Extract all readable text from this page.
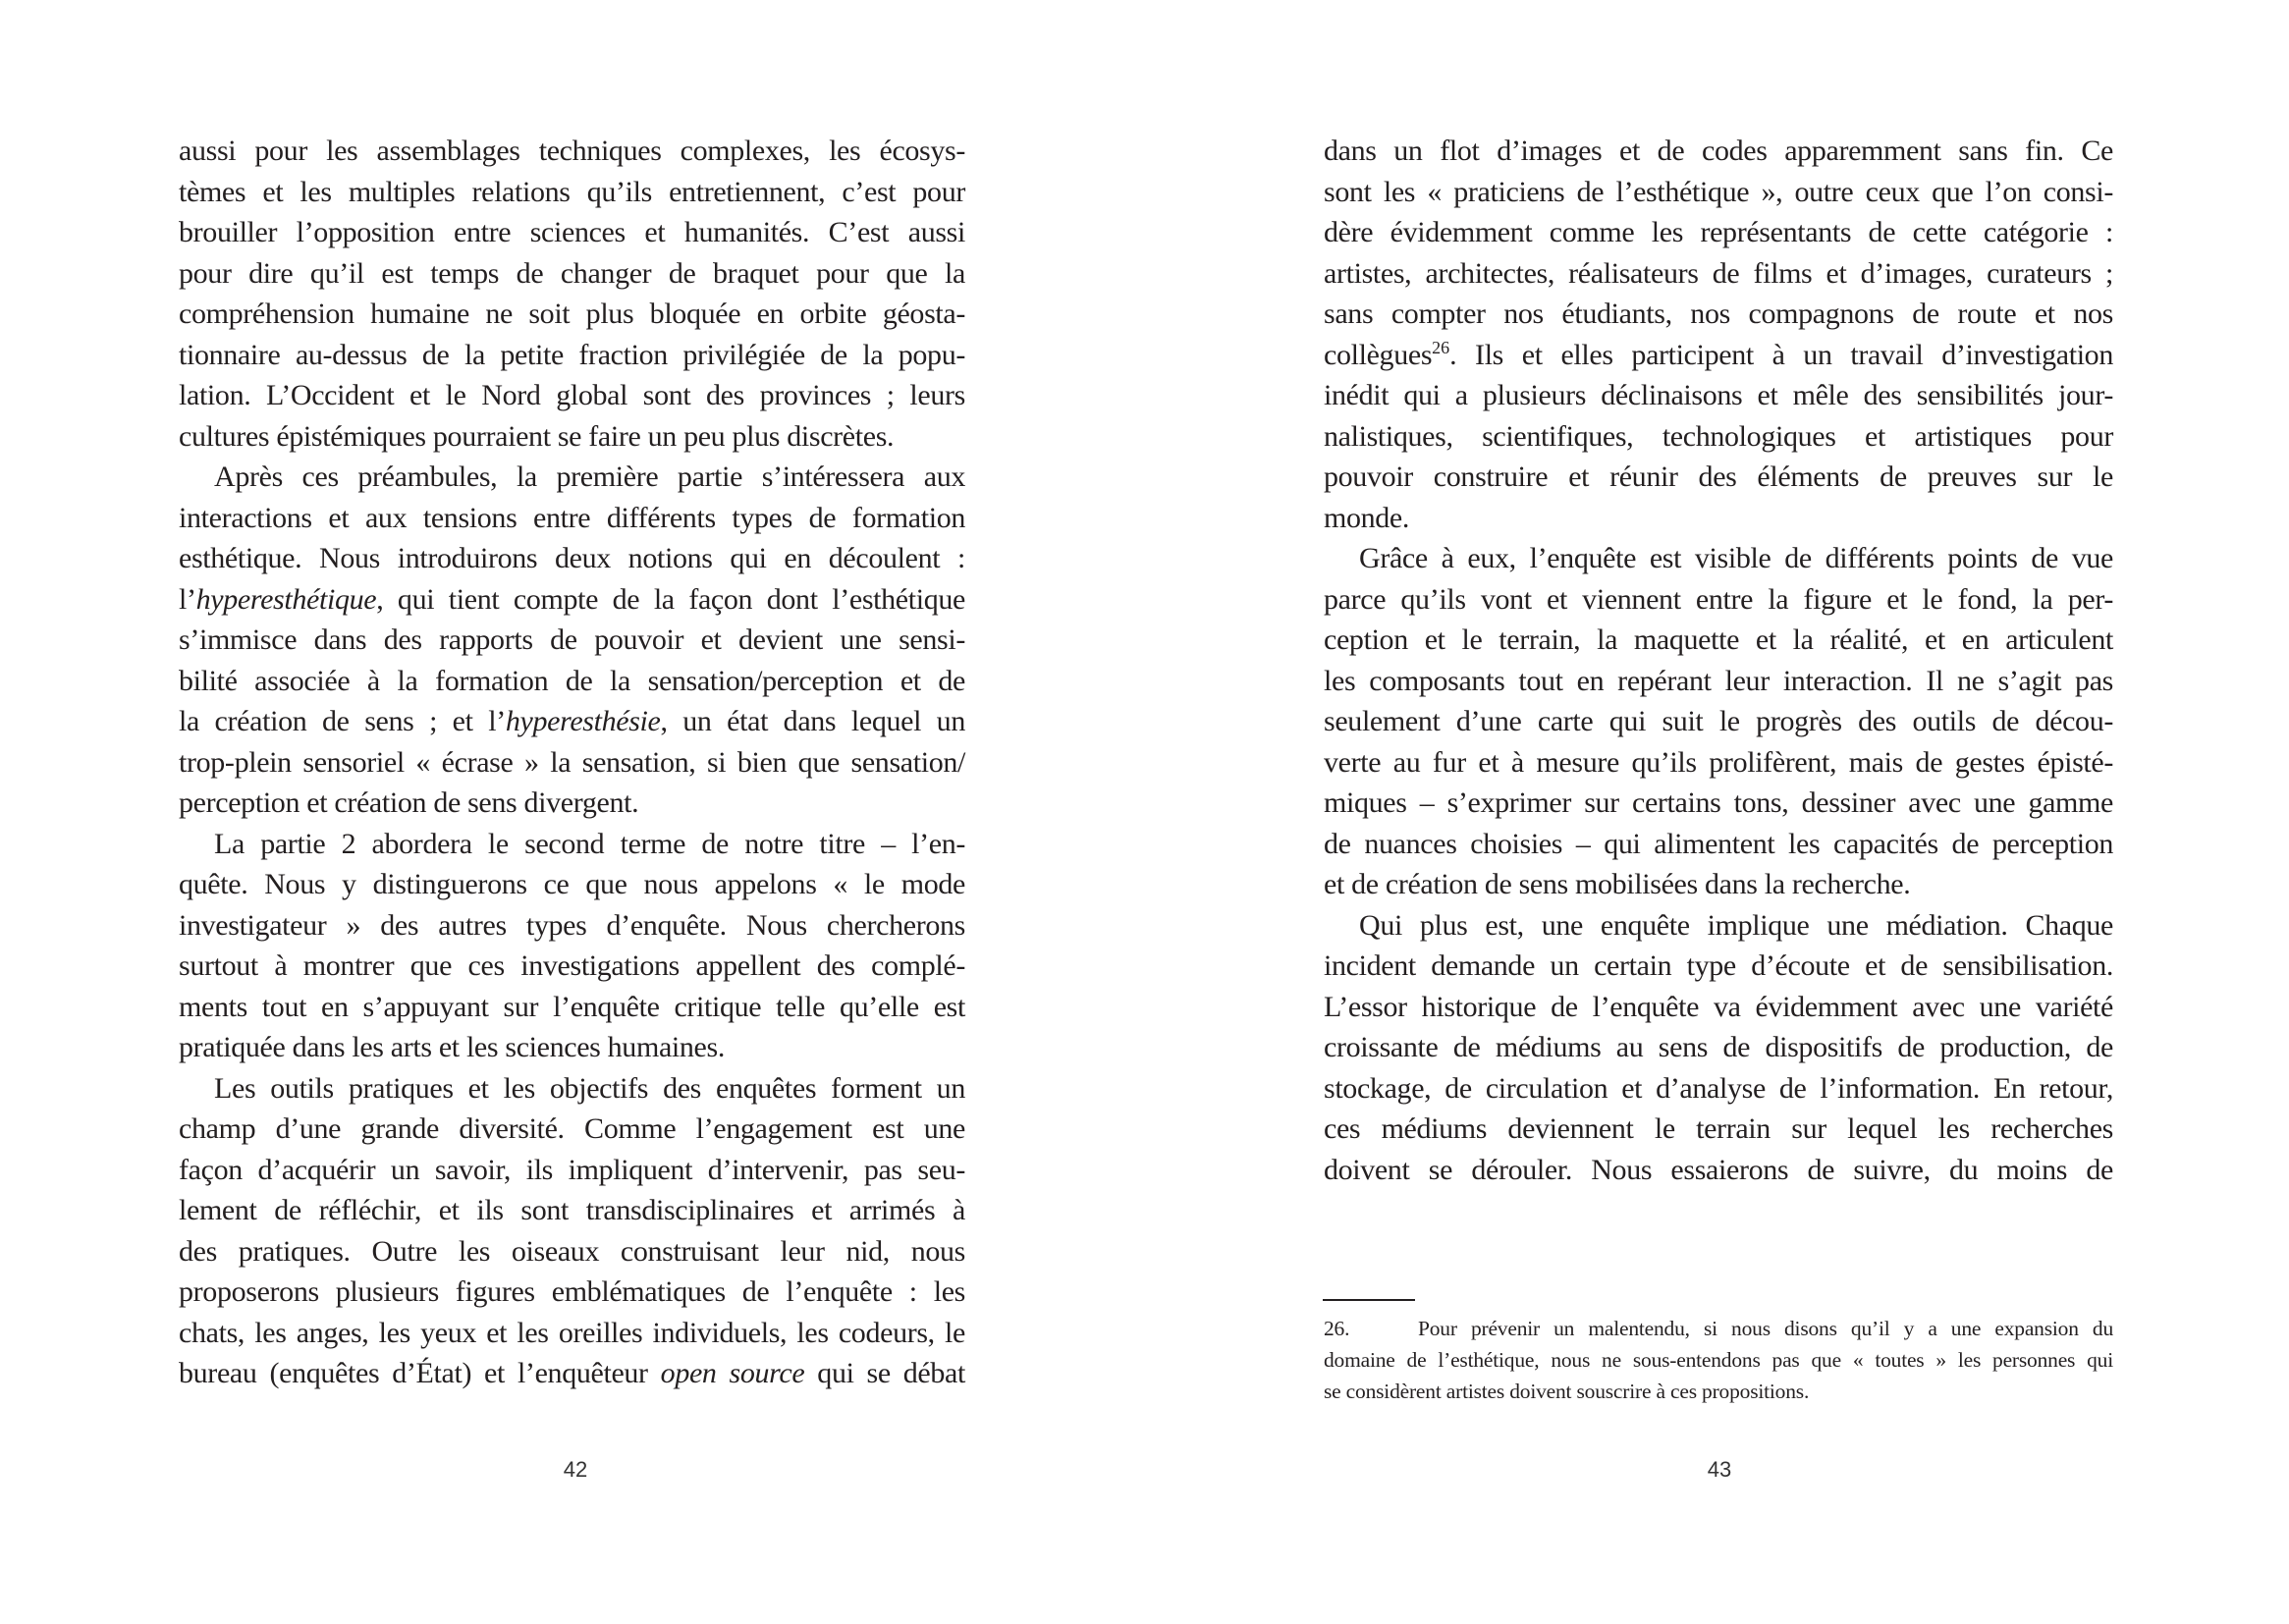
aussi pour les assemblages techniques complexes, les écosys-
tèmes et les multiples relations qu’ils entretiennent, c’est pour
brouiller l’opposition entre sciences et humanités. C’est aussi
pour dire qu’il est temps de changer de braquet pour que la
compréhension humaine ne soit plus bloquée en orbite géosta-
tionnaire au-dessus de la petite fraction privilégiée de la popu-
lation. L’Occident et le Nord global sont des provinces ; leurs
cultures épistémiques pourraient se faire un peu plus discrètes.

Après ces préambules, la première partie s’intéressera aux
interactions et aux tensions entre différents types de formation
esthétique. Nous introduirons deux notions qui en découlent :
l’hyperesthétique, qui tient compte de la façon dont l’esthétique
s’immisce dans des rapports de pouvoir et devient une sensi-
bilité associée à la formation de la sensation/perception et de
la création de sens ; et l’hyperesthésie, un état dans lequel un
trop-plein sensoriel « écrase » la sensation, si bien que sensation/
perception et création de sens divergent.

La partie 2 abordera le second terme de notre titre – l’en-
quête. Nous y distinguerons ce que nous appelons « le mode
investigateur » des autres types d’enquête. Nous chercherons
surtout à montrer que ces investigations appellent des complé-
ments tout en s’appuyant sur l’enquête critique telle qu’elle est
pratiquée dans les arts et les sciences humaines.

Les outils pratiques et les objectifs des enquêtes forment un
champ d’une grande diversité. Comme l’engagement est une
façon d’acquérir un savoir, ils impliquent d’intervenir, pas seu-
lement de réfléchir, et ils sont transdisciplinaires et arrimés à
des pratiques. Outre les oiseaux construisant leur nid, nous
proposerons plusieurs figures emblématiques de l’enquête : les
chats, les anges, les yeux et les oreilles individuels, les codeurs, le
bureau (enquêtes d’État) et l’enquêteur open source qui se débat

42

dans un flot d’images et de codes apparemment sans fin. Ce
sont les « praticiens de l’esthétique », outre ceux que l’on consi-
dère évidemment comme les représentants de cette catégorie :
artistes, architectes, réalisateurs de films et d’images, curateurs ;
sans compter nos étudiants, nos compagnons de route et nos
collègues$^{26}$. Ils et elles participent à un travail d’investigation
inédit qui a plusieurs déclinaisons et mêle des sensibilités jour-
nalistiques, scientifiques, technologiques et artistiques pour
pouvoir construire et réunir des éléments de preuves sur le
monde.

Grâce à eux, l’enquête est visible de différents points de vue
parce qu’ils vont et viennent entre la figure et le fond, la per-
ception et le terrain, la maquette et la réalité, et en articulent
les composants tout en repérant leur interaction. Il ne s’agit pas
seulement d’une carte qui suit le progrès des outils de décou-
verte au fur et à mesure qu’ils prolifèrent, mais de gestes épisté-
miques – s’exprimer sur certains tons, dessiner avec une gamme
de nuances choisies – qui alimentent les capacités de perception
et de création de sens mobilisées dans la recherche.

Qui plus est, une enquête implique une médiation. Chaque
incident demande un certain type d’écoute et de sensibilisation.
L’essor historique de l’enquête va évidemment avec une variété
croissante de médiums au sens de dispositifs de production, de
stockage, de circulation et d’analyse de l’information. En retour,
ces médiums deviennent le terrain sur lequel les recherches
doivent se dérouler. Nous essaierons de suivre, du moins de

26.	Pour prévenir un malentendu, si nous disons qu’il y a une expansion du
domaine de l’esthétique, nous ne sous-entendons pas que « toutes » les personnes qui
se considèrent artistes doivent souscrire à ces propositions.
43
